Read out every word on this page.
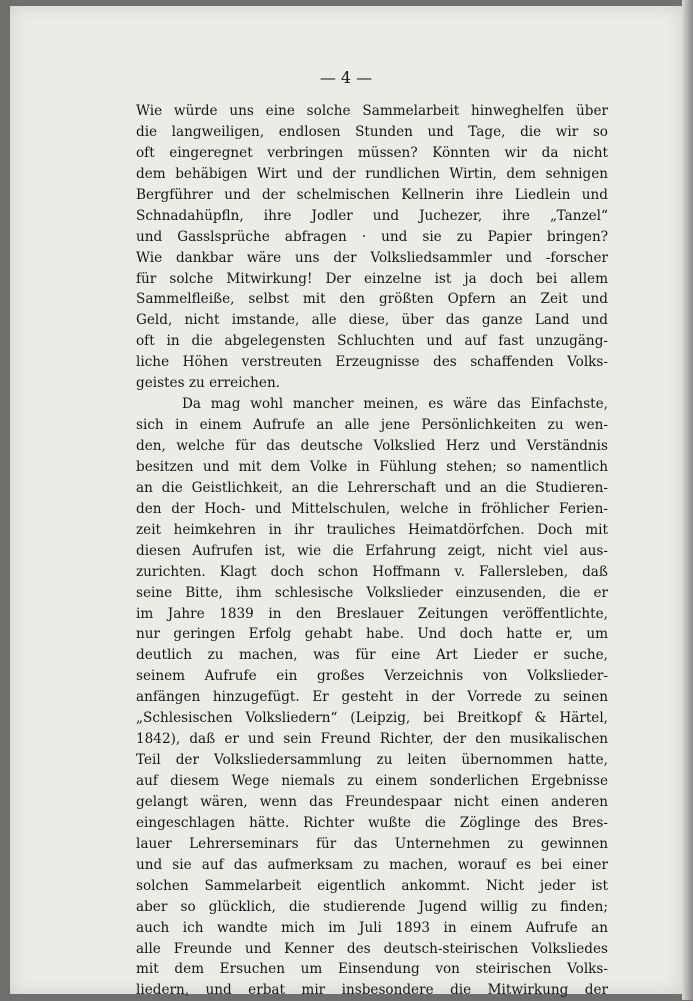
— 4 —
Wie würde uns eine solche Sammelarbeit hinweghelfen über
die langweiligen, endlosen Stunden und Tage, die wir so
oft eingeregnet verbringen müssen? Könnten wir da nicht
dem behäbigen Wirt und der rundlichen Wirtin, dem sehnigen
Bergführer und der schelmischen Kellnerin ihre Liedlein und
Schnadahüpfln, ihre Jodler und Juchezer, ihre „Tanzel“
und Gasslsprüche abfragen · und sie zu Papier bringen?
Wie dankbar wäre uns der Volksliedsammler und -forscher
für solche Mitwirkung! Der einzelne ist ja doch bei allem
Sammelfleiße, selbst mit den größten Opfern an Zeit und
Geld, nicht imstande, alle diese, über das ganze Land und
oft in die abgelegensten Schluchten und auf fast unzugäng-
liche Höhen verstreuten Erzeugnisse des schaffenden Volks-
geistes zu erreichen.
Da mag wohl mancher meinen, es wäre das Einfachste,
sich in einem Aufrufe an alle jene Persönlichkeiten zu wen-
den, welche für das deutsche Volkslied Herz und Verständnis
besitzen und mit dem Volke in Fühlung stehen; so namentlich
an die Geistlichkeit, an die Lehrerschaft und an die Studieren-
den der Hoch- und Mittelschulen, welche in fröhlicher Ferien-
zeit heimkehren in ihr trauliches Heimatdörfchen. Doch mit
diesen Aufrufen ist, wie die Erfahrung zeigt, nicht viel aus-
zurichten. Klagt doch schon Hoffmann v. Fallersleben, daß
seine Bitte, ihm schlesische Volkslieder einzusenden, die er
im Jahre 1839 in den Breslauer Zeitungen veröffentlichte,
nur geringen Erfolg gehabt habe. Und doch hatte er, um
deutlich zu machen, was für eine Art Lieder er suche,
seinem Aufrufe ein großes Verzeichnis von Volkslieder-
anfängen hinzugefügt. Er gesteht in der Vorrede zu seinen
„Schlesischen Volksliedern“ (Leipzig, bei Breitkopf & Härtel,
1842), daß er und sein Freund Richter, der den musikalischen
Teil der Volksliedersammlung zu leiten übernommen hatte,
auf diesem Wege niemals zu einem sonderlichen Ergebnisse
gelangt wären, wenn das Freundespaar nicht einen anderen
eingeschlagen hätte. Richter wußte die Zöglinge des Bres-
lauer Lehrerseminars für das Unternehmen zu gewinnen
und sie auf das aufmerksam zu machen, worauf es bei einer
solchen Sammelarbeit eigentlich ankommt. Nicht jeder ist
aber so glücklich, die studierende Jugend willig zu finden;
auch ich wandte mich im Juli 1893 in einem Aufrufe an
alle Freunde und Kenner des deutsch-steirischen Volksliedes
mit dem Ersuchen um Einsendung von steirischen Volks-
liedern, und erbat mir insbesondere die Mitwirkung der
